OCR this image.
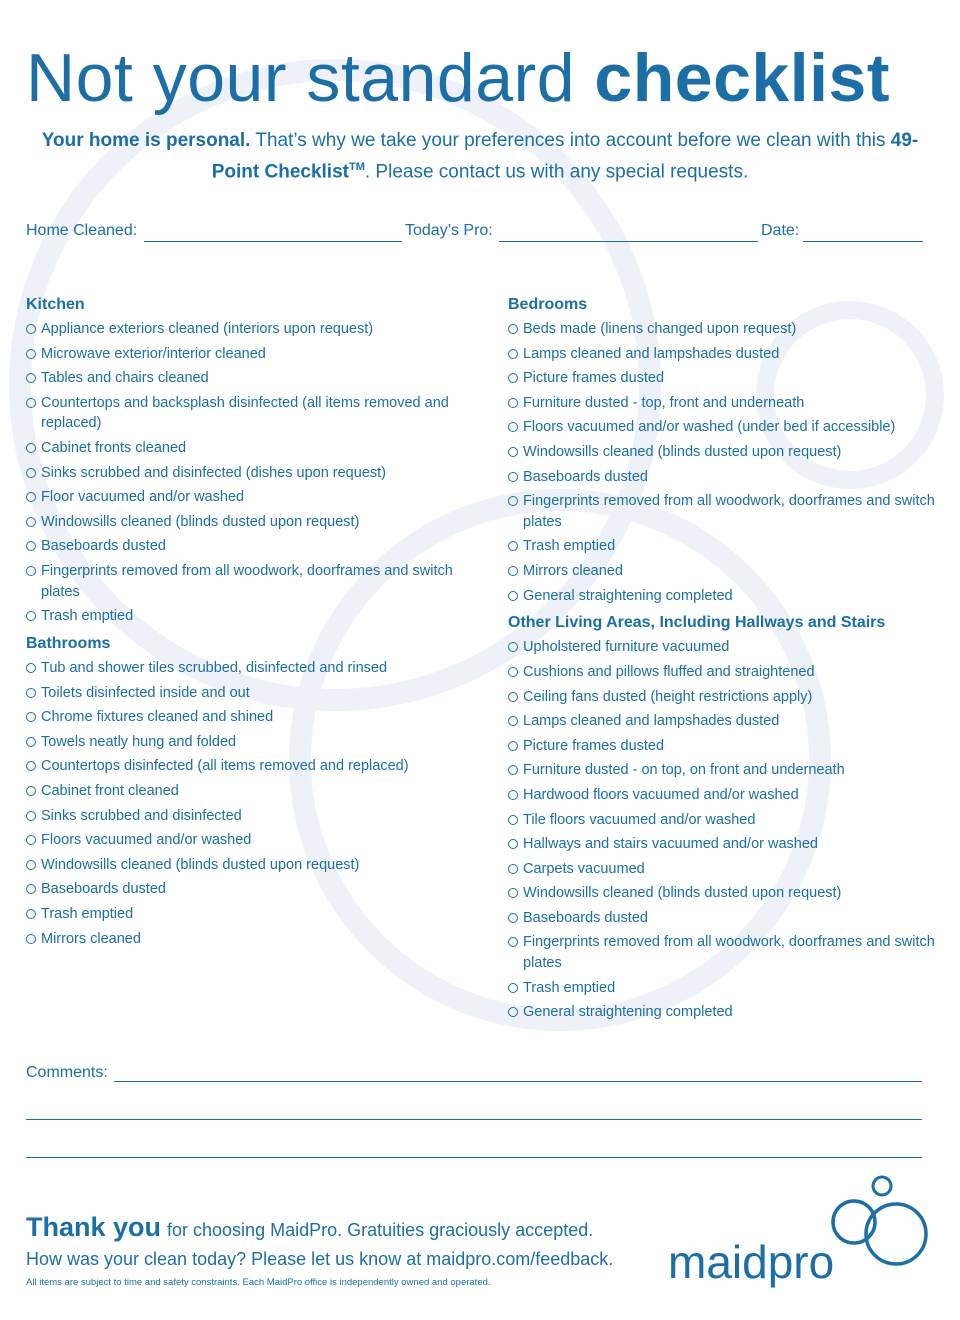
Not your standard checklist
Your home is personal. That’s why we take your preferences into account before we clean with this 49-Point Checklist™. Please contact us with any special requests.
Home Cleaned:	Today’s Pro:	Date:
Kitchen
Appliance exteriors cleaned (interiors upon request)
Microwave exterior/interior cleaned
Tables and chairs cleaned
Countertops and backsplash disinfected (all items removed and replaced)
Cabinet fronts cleaned
Sinks scrubbed and disinfected (dishes upon request)
Floor vacuumed and/or washed
Windowsills cleaned (blinds dusted upon request)
Baseboards dusted
Fingerprints removed from all woodwork, doorframes and switch plates
Trash emptied
Bathrooms
Tub and shower tiles scrubbed, disinfected and rinsed
Toilets disinfected inside and out
Chrome fixtures cleaned and shined
Towels neatly hung and folded
Countertops disinfected (all items removed and replaced)
Cabinet front cleaned
Sinks scrubbed and disinfected
Floors vacuumed and/or washed
Windowsills cleaned (blinds dusted upon request)
Baseboards dusted
Trash emptied
Mirrors cleaned
Bedrooms
Beds made (linens changed upon request)
Lamps cleaned and lampshades dusted
Picture frames dusted
Furniture dusted - top, front and underneath
Floors vacuumed and/or washed (under bed if accessible)
Windowsills cleaned (blinds dusted upon request)
Baseboards dusted
Fingerprints removed from all woodwork, doorframes and switch plates
Trash emptied
Mirrors cleaned
General straightening completed
Other Living Areas, Including Hallways and Stairs
Upholstered furniture vacuumed
Cushions and pillows fluffed and straightened
Ceiling fans dusted (height restrictions apply)
Lamps cleaned and lampshades dusted
Picture frames dusted
Furniture dusted - on top, on front and underneath
Hardwood floors vacuumed and/or washed
Tile floors vacuumed and/or washed
Hallways and stairs vacuumed and/or washed
Carpets vacuumed
Windowsills cleaned (blinds dusted upon request)
Baseboards dusted
Fingerprints removed from all woodwork, doorframes and switch plates
Trash emptied
General straightening completed
Comments:
Thank you for choosing MaidPro. Gratuities graciously accepted.
How was your clean today? Please let us know at maidpro.com/feedback.
All items are subject to time and safety constraints. Each MaidPro office is independently owned and operated.	maidpro
